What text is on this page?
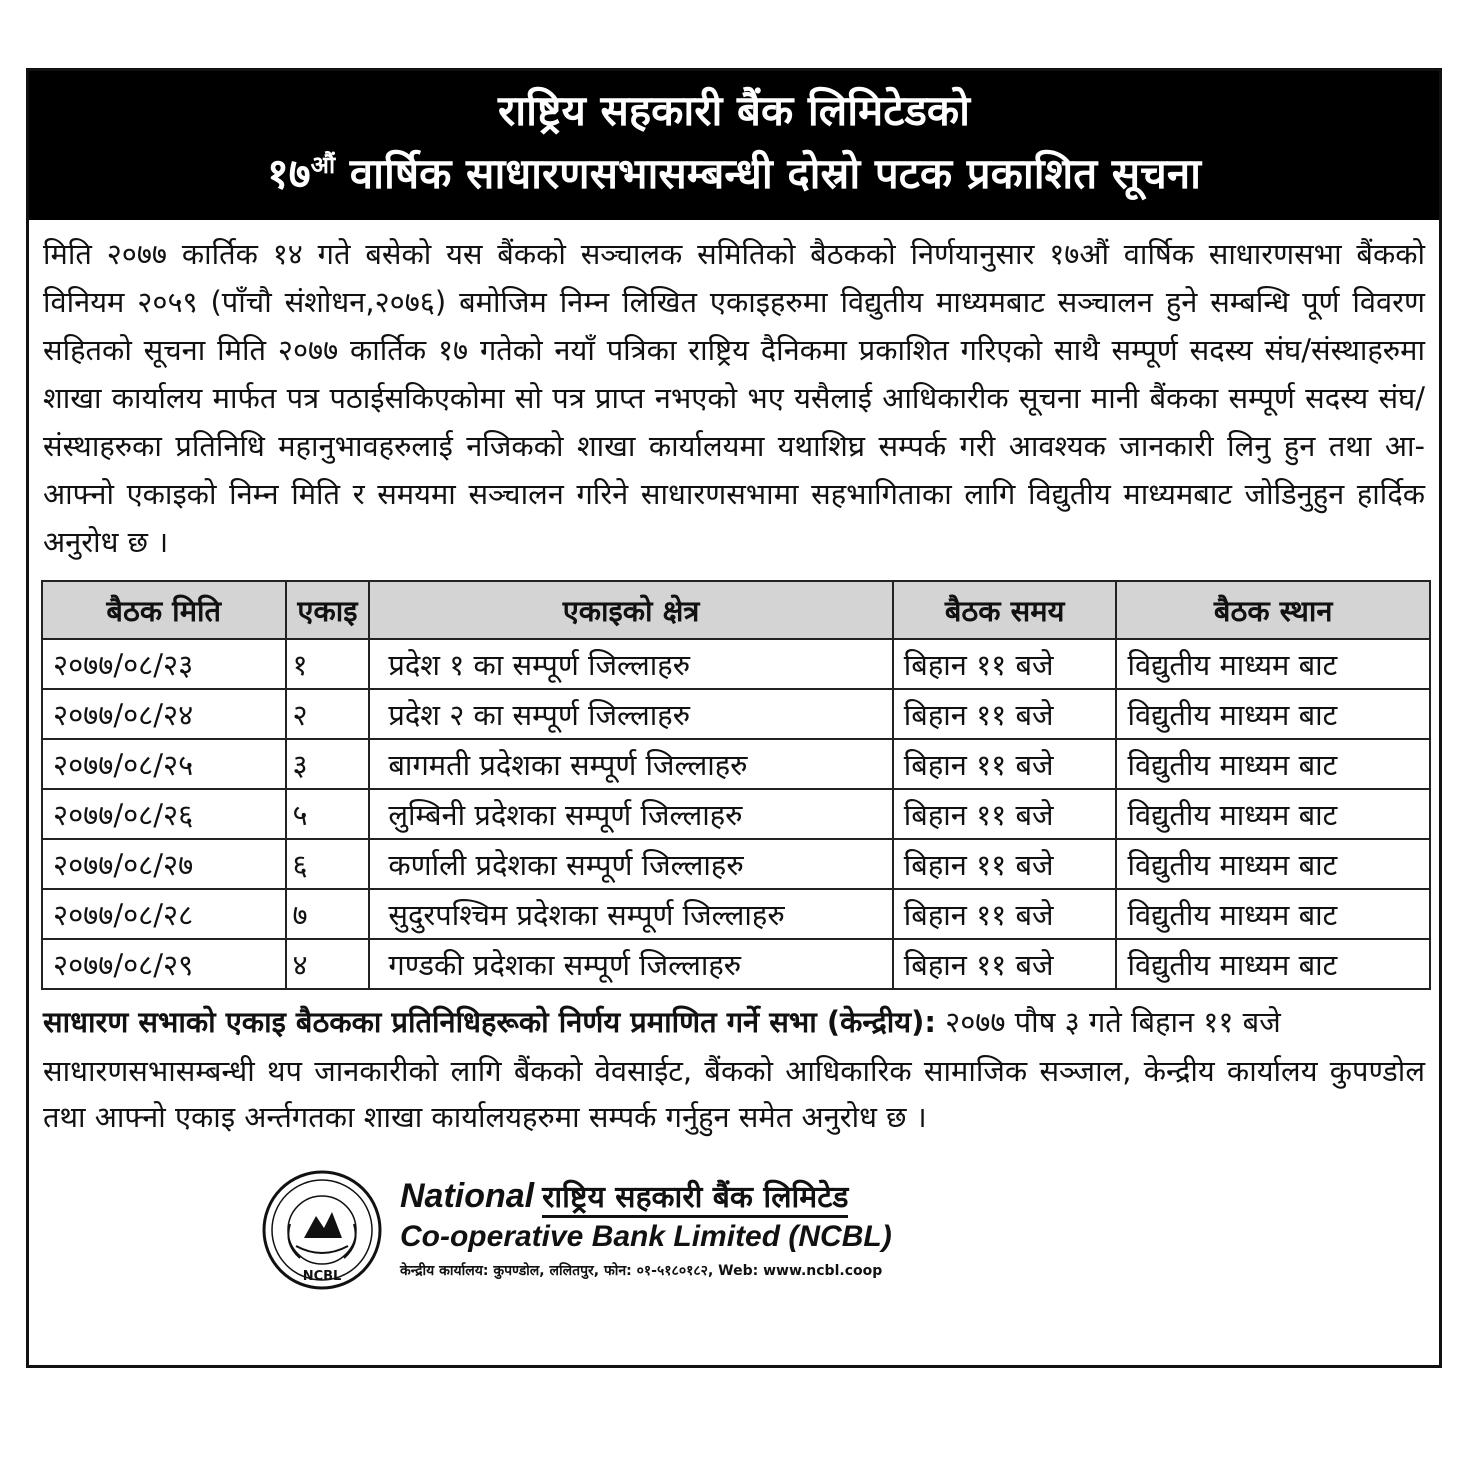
राष्ट्रिय सहकारी बैंक लिमिटेडको
$१७^{औं}$ वार्षिक साधारणसभासम्बन्धी दोस्रो पटक प्रकाशित सूचना
मिति २०७७ कार्तिक १४ गते बसेको यस बैंकको सञ्चालक समितिको बैठकको निर्णयानुसार १७औं वार्षिक साधारणसभा बैंकको विनियम २०५९ (पाँचौ संशोधन,२०७६) बमोजिम निम्न लिखित एकाइहरुमा विद्युतीय माध्यमबाट सञ्चालन हुने सम्बन्धि पूर्ण विवरण सहितको सूचना मिति २०७७ कार्तिक १७ गतेको नयाँ पत्रिका राष्ट्रिय दैनिकमा प्रकाशित गरिएको साथै सम्पूर्ण सदस्य संघ/संस्थाहरुमा शाखा कार्यालय मार्फत पत्र पठाईसकिएकोमा सो पत्र प्राप्त नभएको भए यसैलाई आधिकारीक सूचना मानी बैंकका सम्पूर्ण सदस्य संघ/संस्थाहरुका प्रतिनिधि महानुभावहरुलाई नजिकको शाखा कार्यालयमा यथाशिघ्र सम्पर्क गरी आवश्यक जानकारी लिनु हुन तथा आ-आफ्नो एकाइको निम्न मिति र समयमा सञ्चालन गरिने साधारणसभामा सहभागिताका लागि विद्युतीय माध्यमबाट जोडिनुहुन हार्दिक अनुरोध छ ।
बैठक मिति	एकाइ	एकाइको क्षेत्र	बैठक समय	बैठक स्थान
२०७७/०८/२३	१	प्रदेश १ का सम्पूर्ण जिल्लाहरु	बिहान ११ बजे	विद्युतीय माध्यम बाट
२०७७/०८/२४	२	प्रदेश २ का सम्पूर्ण जिल्लाहरु	बिहान ११ बजे	विद्युतीय माध्यम बाट
२०७७/०८/२५	३	बागमती प्रदेशका सम्पूर्ण जिल्लाहरु	बिहान ११ बजे	विद्युतीय माध्यम बाट
२०७७/०८/२६	५	लुम्बिनी प्रदेशका सम्पूर्ण जिल्लाहरु	बिहान ११ बजे	विद्युतीय माध्यम बाट
२०७७/०८/२७	६	कर्णाली प्रदेशका सम्पूर्ण जिल्लाहरु	बिहान ११ बजे	विद्युतीय माध्यम बाट
२०७७/०८/२८	७	सुदुरपश्चिम प्रदेशका सम्पूर्ण जिल्लाहरु	बिहान ११ बजे	विद्युतीय माध्यम बाट
२०७७/०८/२९	४	गण्डकी प्रदेशका सम्पूर्ण जिल्लाहरु	बिहान ११ बजे	विद्युतीय माध्यम बाट
साधारण सभाको एकाइ बैठकका प्रतिनिधिहरूको निर्णय प्रमाणित गर्ने सभा (केन्द्रीय): २०७७ पौष ३ गते बिहान ११ बजे
साधारणसभासम्बन्धी थप जानकारीको लागि बैंकको वेवसाईट, बैंकको आधिकारिक सामाजिक सञ्जाल, केन्द्रीय कार्यालय कुपण्डोल तथा आफ्नो एकाइ अर्न्तगतका शाखा कार्यालयहरुमा सम्पर्क गर्नुहुन समेत अनुरोध छ ।
NCBL
National राष्ट्रिय सहकारी बैंक लिमिटेड
Co-operative Bank Limited (NCBL)
केन्द्रीय कार्यालय: कुपण्डोल, ललितपुर, फोन: ०१-५१८०१८२, Web: www.ncbl.coop
